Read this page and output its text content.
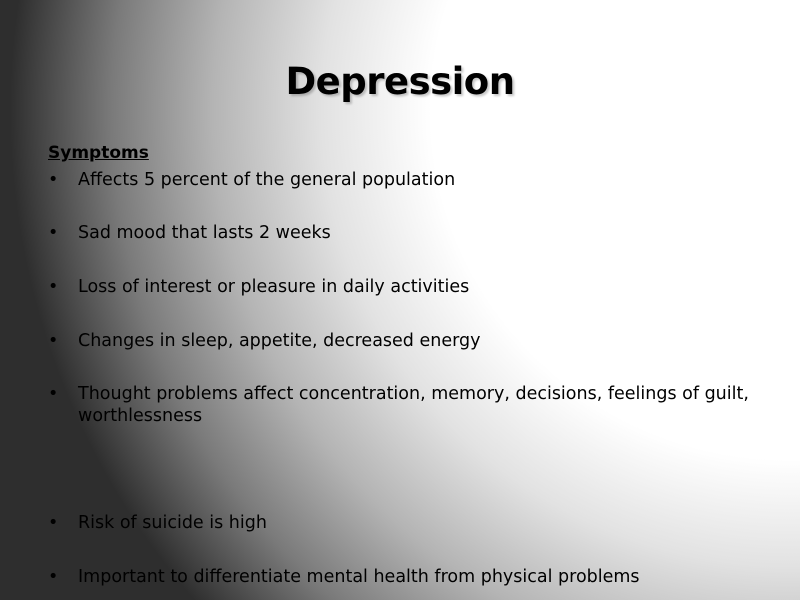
Depression
Symptoms
• Affects 5 percent of the general population
• Sad mood that lasts 2 weeks
• Loss of interest or pleasure in daily activities
• Changes in sleep, appetite, decreased energy
• Thought problems affect concentration, memory, decisions, feelings of guilt, worthlessness
• Risk of suicide is high
• Important to differentiate mental health from physical problems
